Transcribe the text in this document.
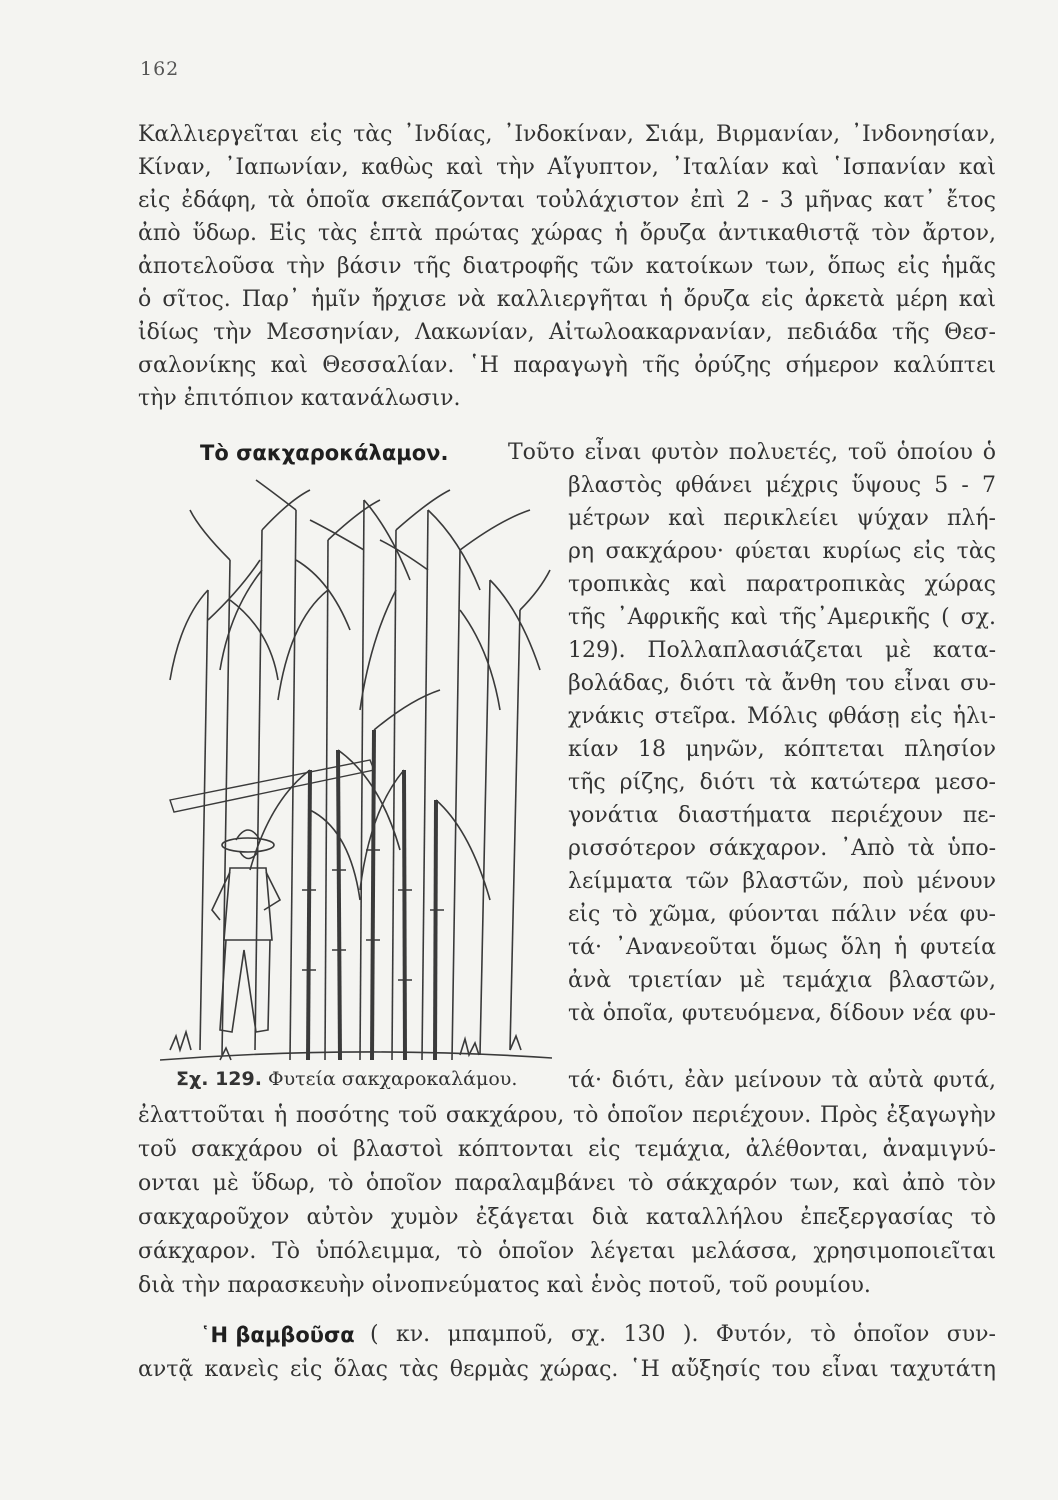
162
Καλλιεργεῖται εἰς τὰς ᾿Ινδίας, ᾿Ινδοκίναν, Σιάμ, Βιρμανίαν, ᾿Ινδονησίαν,
Κίναν, ᾿Ιαπωνίαν, καθὼς καὶ τὴν Αἴγυπτον, ᾿Ιταλίαν καὶ ῾Ισπανίαν καὶ
εἰς ἐδάφη, τὰ ὁποῖα σκεπάζονται τοὐλάχιστον ἐπὶ 2 - 3 μῆνας κατ᾿ ἔτος
ἀπὸ ὕδωρ. Εἰς τὰς ἑπτὰ πρώτας χώρας ἡ ὄρυζα ἀντικαθιστᾷ τὸν ἄρτον,
ἀποτελοῦσα τὴν βάσιν τῆς διατροφῆς τῶν κατοίκων των, ὅπως εἰς ἡμᾶς
ὁ σῖτος. Παρ᾿ ἡμῖν ἤρχισε νὰ καλλιεργῆται ἡ ὄρυζα εἰς ἀρκετὰ μέρη καὶ
ἰδίως τὴν Μεσσηνίαν, Λακωνίαν, Αἰτωλοακαρνανίαν, πεδιάδα τῆς Θεσ-
σαλονίκης καὶ Θεσσαλίαν. ῾Η παραγωγὴ τῆς ὀρύζης σήμερον καλύπτει
τὴν ἐπιτόπιον κατανάλωσιν.
Τὸ σακχαροκάλαμον.	Τοῦτο εἶναι φυτὸν πολυετές, τοῦ ὁποίου ὁ
βλαστὸς φθάνει μέχρις ὕψους 5 - 7
μέτρων καὶ περικλείει ψύχαν πλή-
ρη σακχάρου· φύεται κυρίως εἰς τὰς
τροπικὰς καὶ παρατροπικὰς χώρας
τῆς ᾿Αφρικῆς καὶ τῆς᾿Αμερικῆς ( σχ.
129). Πολλαπλασιάζεται μὲ κατα-
βολάδας, διότι τὰ ἄνθη του εἶναι συ-
χνάκις στεῖρα. Μόλις φθάσῃ εἰς ἡλι-
κίαν 18 μηνῶν, κόπτεται πλησίον
τῆς ρίζης, διότι τὰ κατώτερα μεσο-
γονάτια διαστήματα περιέχουν πε-
ρισσότερον σάκχαρον. ᾿Απὸ τὰ ὑπο-
λείμματα τῶν βλαστῶν, ποὺ μένουν
εἰς τὸ χῶμα, φύονται πάλιν νέα φυ-
τά· ᾿Ανανεοῦται ὅμως ὅλη ἡ φυτεία
ἀνὰ τριετίαν μὲ τεμάχια βλαστῶν,
τὰ ὁποῖα, φυτευόμενα, δίδουν νέα φυ-
τά· διότι, ἐὰν μείνουν τὰ αὐτὰ φυτά,
Σχ. 129. Φυτεία σακχαροκαλάμου.
ἐλαττοῦται ἡ ποσότης τοῦ σακχάρου, τὸ ὁποῖον περιέχουν. Πρὸς ἐξαγωγὴν
τοῦ σακχάρου οἱ βλαστοὶ κόπτονται εἰς τεμάχια, ἀλέθονται, ἀναμιγνύ-
ονται μὲ ὕδωρ, τὸ ὁποῖον παραλαμβάνει τὸ σάκχαρόν των, καὶ ἀπὸ τὸν
σακχαροῦχον αὐτὸν χυμὸν ἐξάγεται διὰ καταλλήλου ἐπεξεργασίας τὸ
σάκχαρον. Τὸ ὑπόλειμμα, τὸ ὁποῖον λέγεται μελάσσα, χρησιμοποιεῖται
διὰ τὴν παρασκευὴν οἰνοπνεύματος καὶ ἑνὸς ποτοῦ, τοῦ ρουμίου.
῾Η βαμβοῦσα ( κν. μπαμποῦ, σχ. 130 ). Φυτόν, τὸ ὁποῖον συν-
αντᾷ κανεὶς εἰς ὅλας τὰς θερμὰς χώρας. ῾Η αὔξησίς του εἶναι ταχυτάτη
